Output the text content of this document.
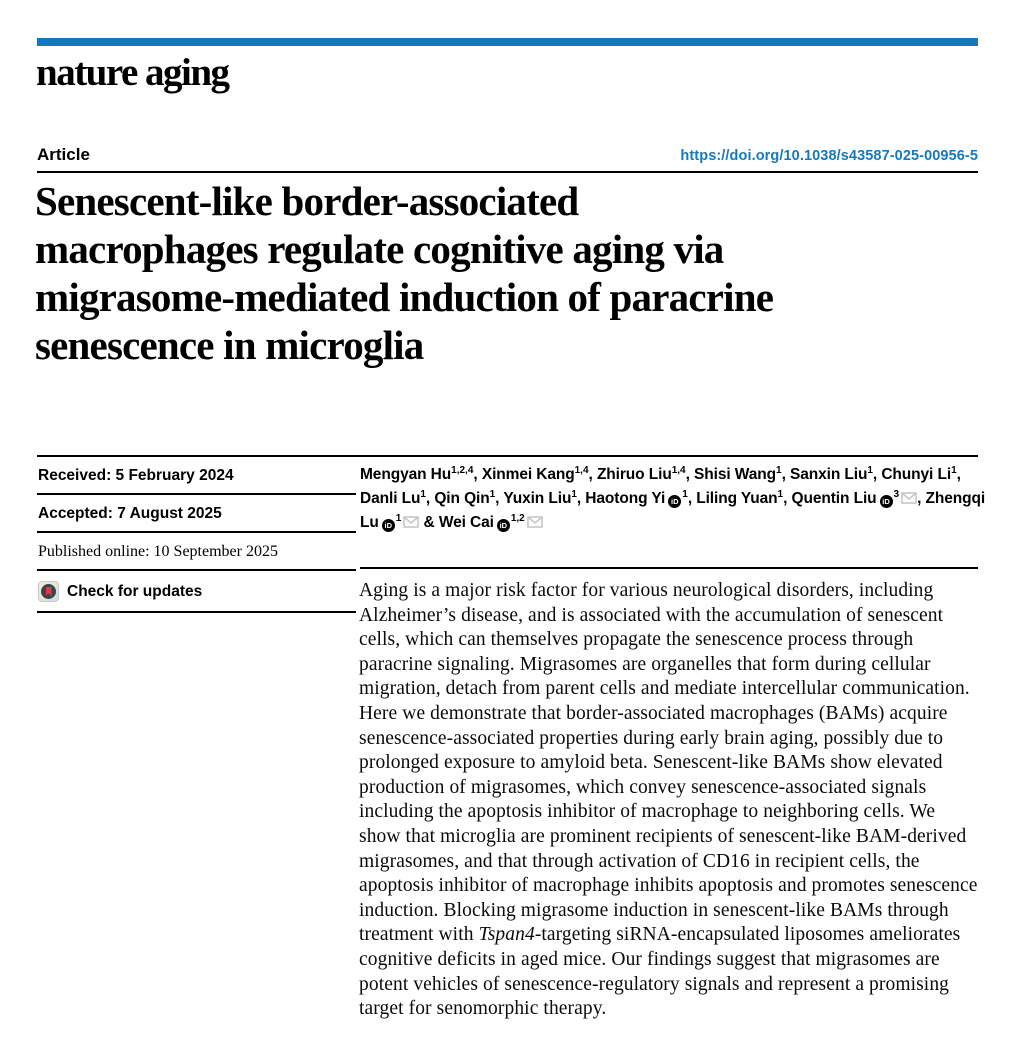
nature aging
Article	https://doi.org/10.1038/s43587-025-00956-5
Senescent-like border-associated
macrophages regulate cognitive aging via
migrasome-mediated induction of paracrine
senescence in microglia
Received: 5 February 2024
Accepted: 7 August 2025
Published online: 10 September 2025
Check for updates
Mengyan Hu$^{1,2,4}$, Xinmei Kang$^{1,4}$, Zhiruo Liu$^{1,4}$, Shisi Wang$^1$, Sanxin Liu$^1$, Chunyi Li$^1$, Danli Lu$^1$, Qin Qin$^1$, Yuxin Liu$^1$, Haotong Yi $iD^1$, Liling Yuan$^1$, Quentin Liu $iD^3$ , Zhengqi Lu $iD^1$ & Wei Cai iD$^{1,2}$

Aging is a major risk factor for various neurological disorders, including Alzheimer’s disease, and is associated with the accumulation of senescent cells, which can themselves propagate the senescence process through paracrine signaling. Migrasomes are organelles that form during cellular migration, detach from parent cells and mediate intercellular communication. Here we demonstrate that border-associated macrophages (BAMs) acquire senescence-associated properties during early brain aging, possibly due to prolonged exposure to amyloid beta. Senescent-like BAMs show elevated production of migrasomes, which convey senescence-associated signals including the apoptosis inhibitor of macrophage to neighboring cells. We show that microglia are prominent recipients of senescent-like BAM-derived migrasomes, and that through activation of CD16 in recipient cells, the apoptosis inhibitor of macrophage inhibits apoptosis and promotes senescence induction. Blocking migrasome induction in senescent-like BAMs through treatment with Tspan4-targeting siRNA-encapsulated liposomes ameliorates cognitive deficits in aged mice. Our findings suggest that migrasomes are potent vehicles of senescence-regulatory signals and represent a promising target for senomorphic therapy.
